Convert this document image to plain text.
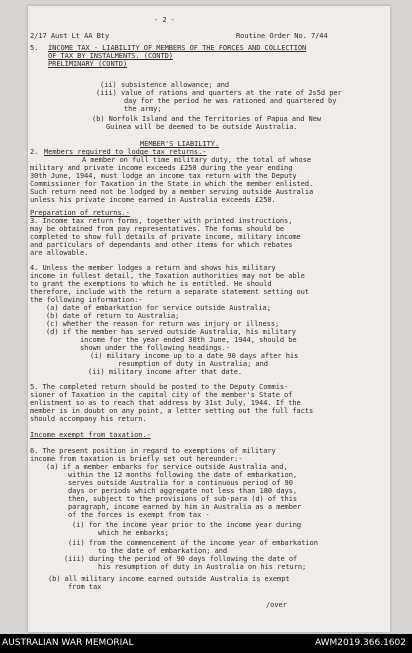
- 2 -
2/17 Aust Lt AA Bty	Routine Order No. 7/44
5. INCOME TAX - LIABILITY OF MEMBERS OF THE FORCES AND COLLECTION
OF TAX BY INSTALMENTS. (CONTD)
PRELIMINARY (CONTD)
(ii) subsistence allowance; and
(iii) value of rations and quarters at the rate of 2s5d per
day for the period he was rationed and quartered by
the army;
(b) Norfolk Island and the Territories of Papua and New
Guinea will be deemed to be outside Australia.
MEMBER'S LIABILITY.
2. Members required to lodge tax returns.-
A member on full time military duty, the total of whose
military and private income exceeds £250 during the year ending
30th June, 1944, must lodge an income tax return with the Deputy
Commissioner for Taxation in the State in which the member enlisted.
Such return need not be lodged by a member serving outside Australia
unless his private income earned in Australia exceeds £250.
Preparation of returns.-
3. Income tax return forms, together with printed instructions,
may be obtained from pay representatives. The forms should be
completed to show full details of private income, military income
and particulars of dependants and other items for which rebates
are allowable.
4. Unless the member lodges a return and shows his military
income in fullest detail, the Taxation authorities may not be able
to grant the exemptions to which he is entitled. He should
therefore, include with the return a separate statement setting out
the following information:-
(a) date of embarkation for service outside Australia;
(b) date of return to Australia;
(c) whether the reason for return was injury or illness;
(d) if the member has served outside Australia, his military
income for the year ended 30th June, 1944, should be
shown under the following headings.-
(i) military income up to a date 90 days after his
resumption of duty in Australia; and
(ii) military income after that date.
5. The completed return should be posted to the Deputy Commis-
sioner of Taxation in the capital city of the member's State of
enlistment so as to reach that address by 31st July, 1944. If the
member is in doubt on any point, a letter setting out the full facts
should accompany his return.
Income exempt from taxation.-
6. The present position in regard to exemptions of military
income from taxation is briefly set out hereunder:-
(a) if a member embarks for service outside Australia and,
within the 12 months following the date of embarkation,
serves outside Australia for a continuous period of 90
days or periods which aggregate not less than 180 days,
then, subject to the provisions of sub-para (d) of this
paragraph, income earned by him in Australia as a member
of the forces is exempt from tax -
(i) for the income year prior to the income year during
which he embarks;
(ii) from the commencement of the income year of embarkation
to the date of embarkation; and
(iii) during the period of 90 days following the date of
his resumption of duty in Australia on his return;
(b) all military income earned outside Australia is exempt
from tax
/over
AUSTRALIAN WAR MEMORIAL	AWM2019.366.1602
